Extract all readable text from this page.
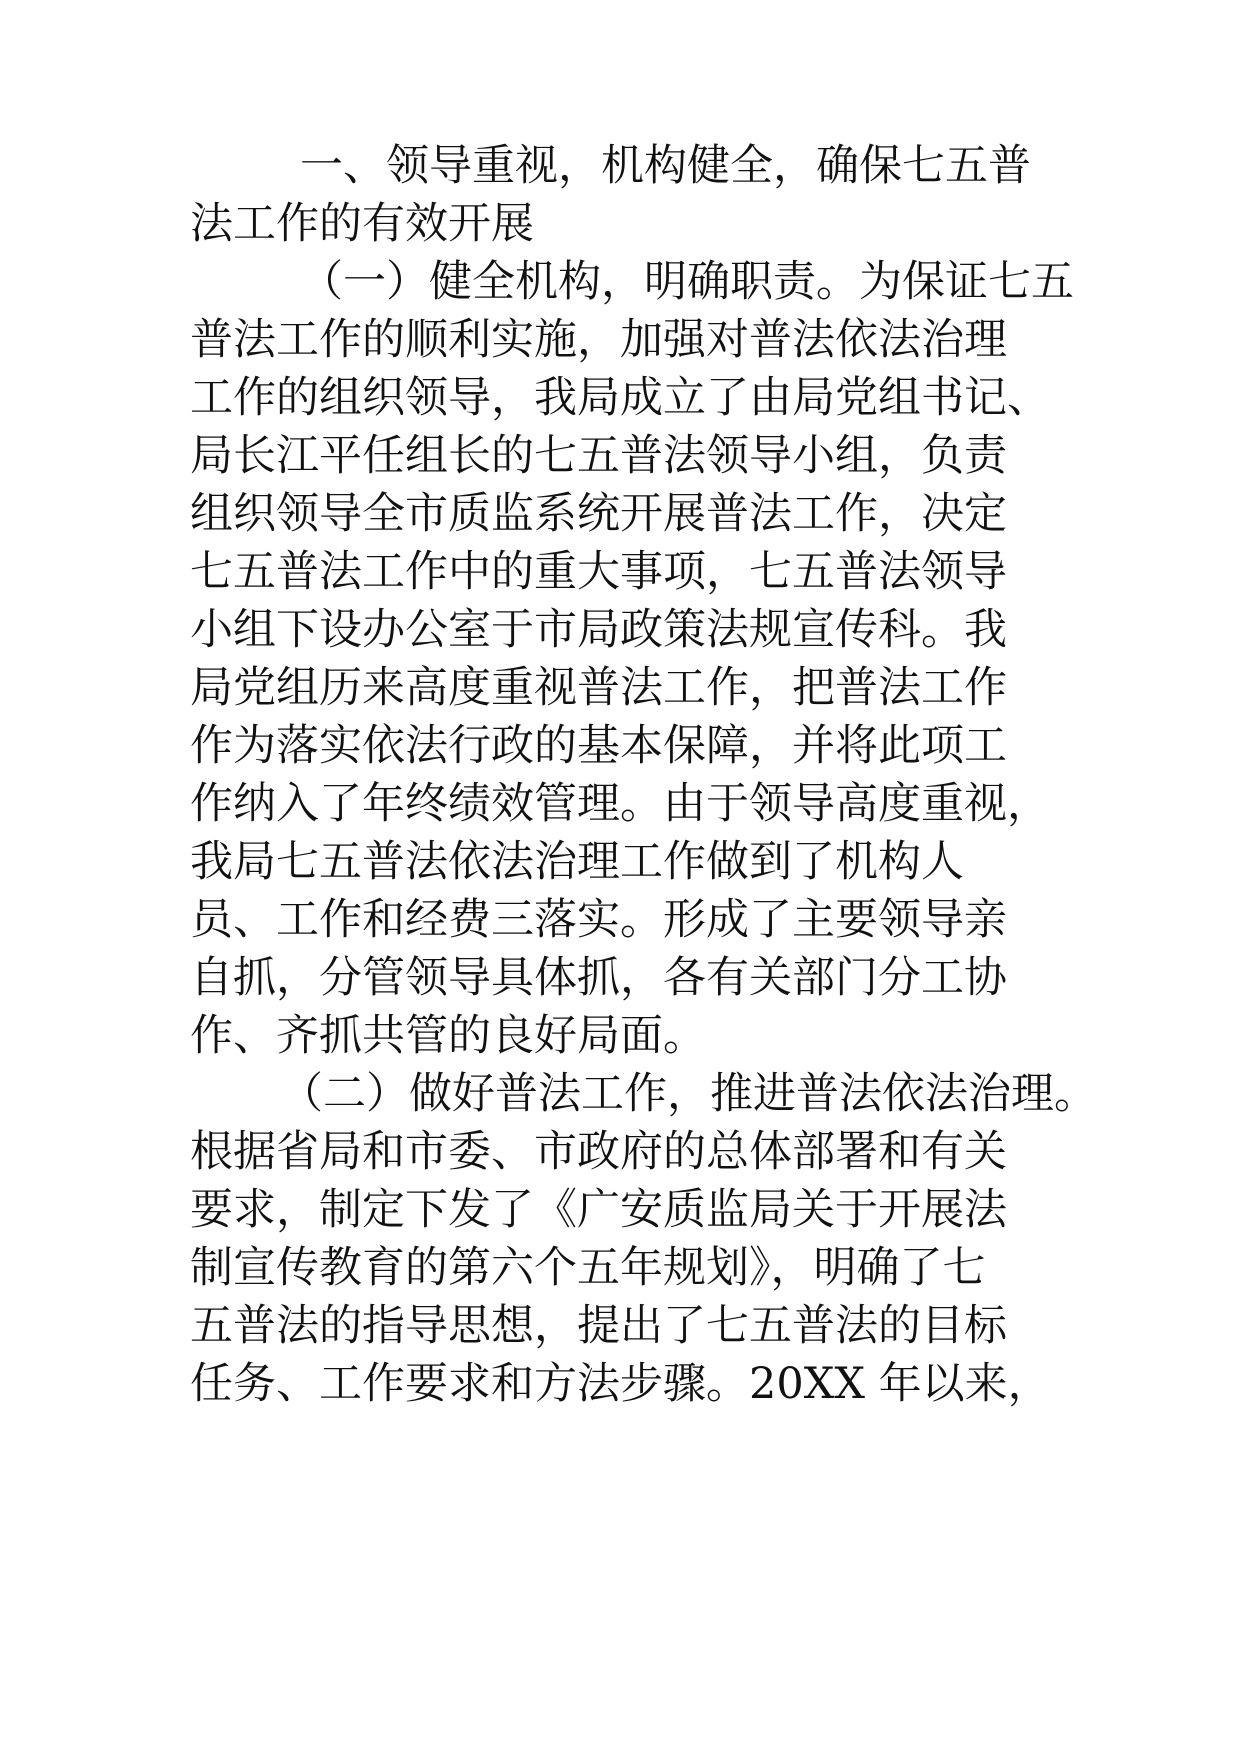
一、领导重视，机构健全，确保七五普
法工作的有效开展
（一）健全机构，明确职责。为保证七五
普法工作的顺利实施，加强对普法依法治理
工作的组织领导，我局成立了由局党组书记、
局长江平任组长的七五普法领导小组，负责
组织领导全市质监系统开展普法工作，决定
七五普法工作中的重大事项，七五普法领导
小组下设办公室于市局政策法规宣传科。我
局党组历来高度重视普法工作，把普法工作
作为落实依法行政的基本保障，并将此项工
作纳入了年终绩效管理。由于领导高度重视，
我局七五普法依法治理工作做到了机构人
员、工作和经费三落实。形成了主要领导亲
自抓，分管领导具体抓，各有关部门分工协
作、齐抓共管的良好局面。
（二）做好普法工作，推进普法依法治理。
根据省局和市委、市政府的总体部署和有关
要求，制定下发了《广安质监局关于开展法
制宣传教育的第六个五年规划》，明确了七
五普法的指导思想，提出了七五普法的目标
任务、工作要求和方法步骤。20XX 年以来，
